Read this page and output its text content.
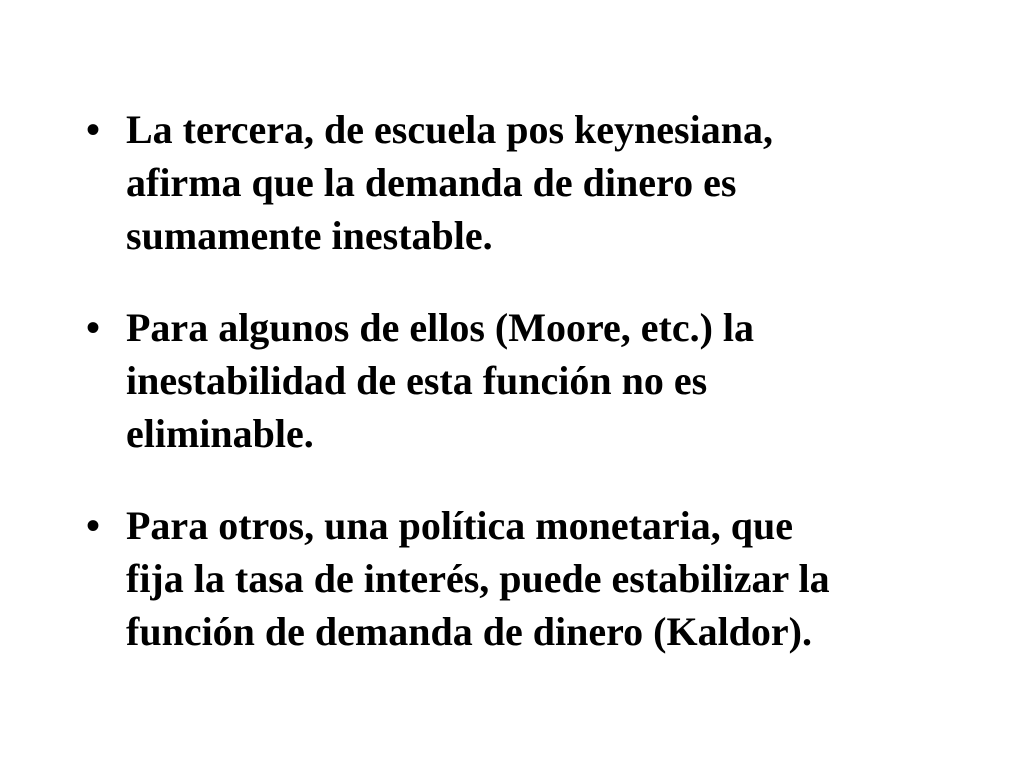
• La tercera, de escuela pos keynesiana,
afirma que la demanda de dinero es
sumamente inestable.
• Para algunos de ellos (Moore, etc.) la
inestabilidad de esta función no es
eliminable.
• Para otros, una política monetaria, que
fija la tasa de interés, puede estabilizar la
función de demanda de dinero (Kaldor).
